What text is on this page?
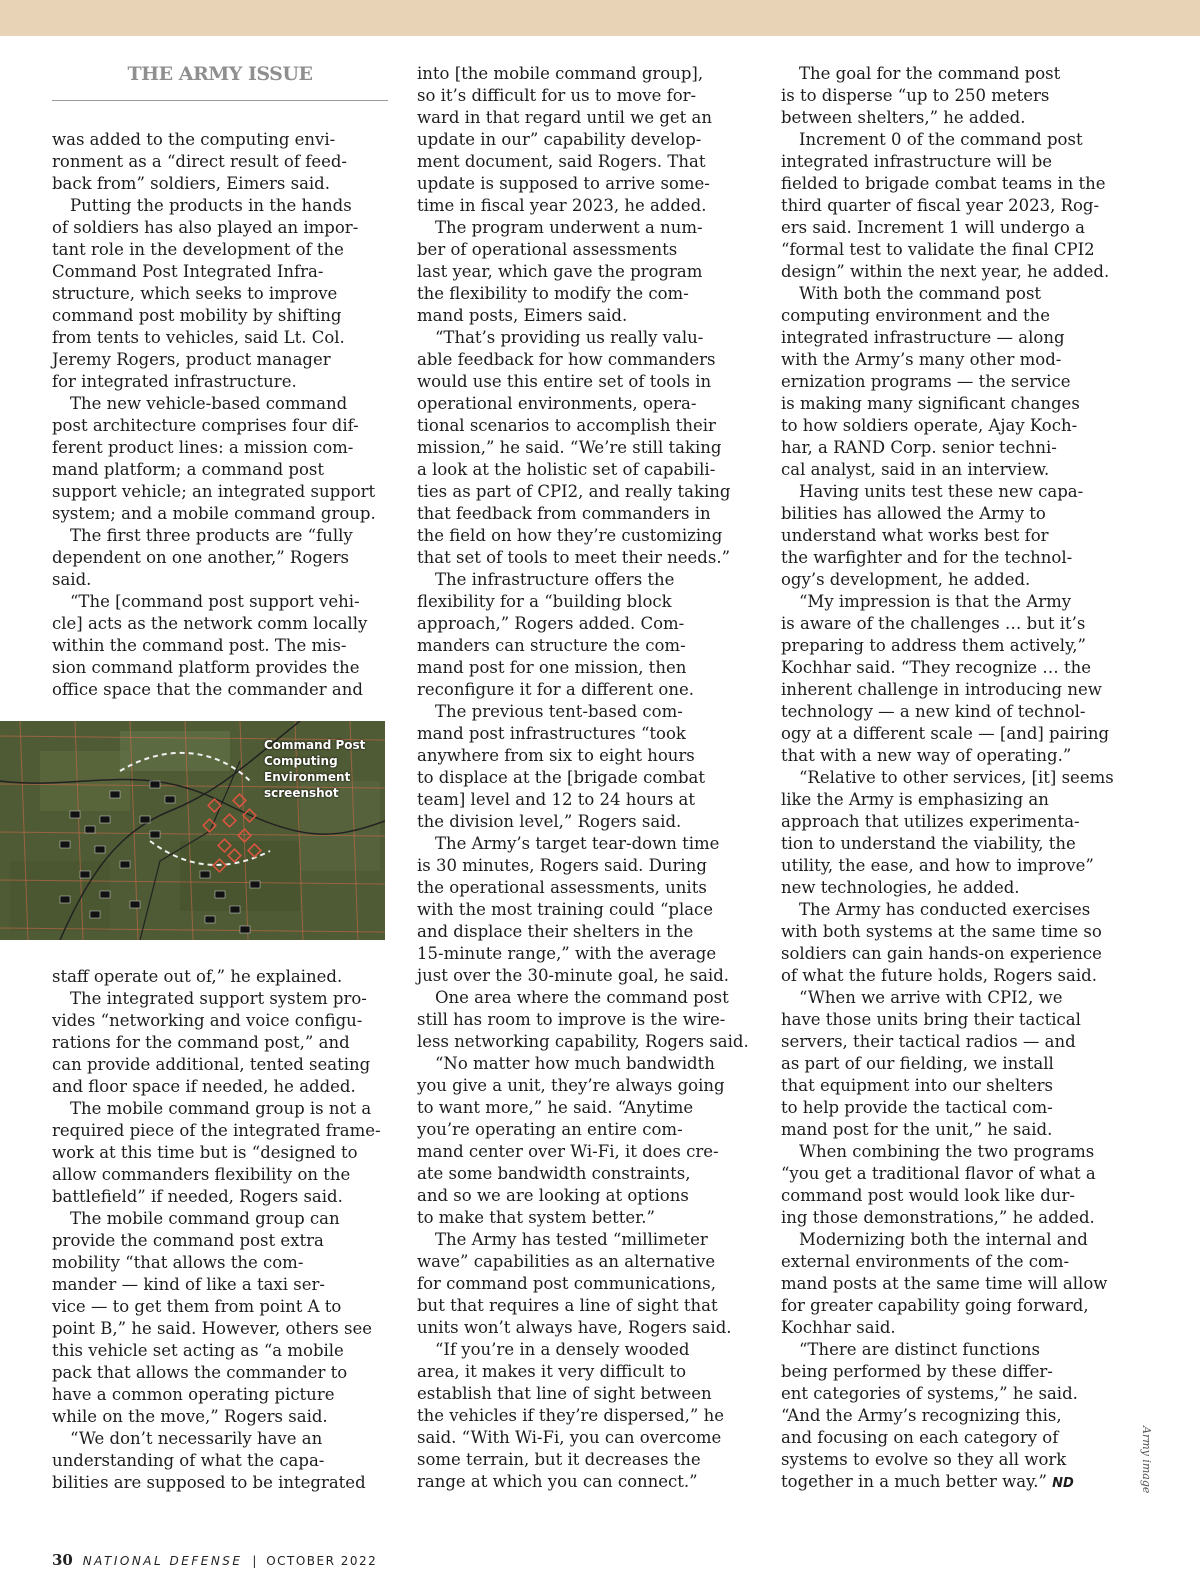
THE ARMY ISSUE

was added to the computing envi-
ronment as a “direct result of feed-
back from” soldiers, Eimers said.

Putting the products in the hands
of soldiers has also played an impor-
tant role in the development of the
Command Post Integrated Infra-
structure, which seeks to improve
command post mobility by shifting
from tents to vehicles, said Lt. Col.
Jeremy Rogers, product manager
for integrated infrastructure.

The new vehicle-based command
post architecture comprises four dif-
ferent product lines: a mission com-
mand platform; a command post
support vehicle; an integrated support
system; and a mobile command group.

The first three products are “fully
dependent on one another,” Rogers
said.

“The [command post support vehi-
cle] acts as the network comm locally
within the command post. The mis-
sion command platform provides the
office space that the commander and

Command Post
Computing
Environment
screenshot

staff operate out of,” he explained.

The integrated support system pro-
vides “networking and voice configu-
rations for the command post,” and
can provide additional, tented seating
and floor space if needed, he added.

The mobile command group is not a
required piece of the integrated frame-
work at this time but is “designed to
allow commanders flexibility on the
battlefield” if needed, Rogers said.

The mobile command group can
provide the command post extra
mobility “that allows the com-
mander — kind of like a taxi ser-
vice — to get them from point A to
point B,” he said. However, others see
this vehicle set acting as “a mobile
pack that allows the commander to
have a common operating picture
while on the move,” Rogers said.

“We don’t necessarily have an
understanding of what the capa-
bilities are supposed to be integrated

into [the mobile command group],
so it’s difficult for us to move for-
ward in that regard until we get an
update in our” capability develop-
ment document, said Rogers. That
update is supposed to arrive some-
time in fiscal year 2023, he added.

The program underwent a num-
ber of operational assessments
last year, which gave the program
the flexibility to modify the com-
mand posts, Eimers said.

“That’s providing us really valu-
able feedback for how commanders
would use this entire set of tools in
operational environments, opera-
tional scenarios to accomplish their
mission,” he said. “We’re still taking
a look at the holistic set of capabili-
ties as part of CPI2, and really taking
that feedback from commanders in
the field on how they’re customizing
that set of tools to meet their needs.”

The infrastructure offers the
flexibility for a “building block
approach,” Rogers added. Com-
manders can structure the com-
mand post for one mission, then
reconfigure it for a different one.

The previous tent-based com-
mand post infrastructures “took
anywhere from six to eight hours
to displace at the [brigade combat
team] level and 12 to 24 hours at
the division level,” Rogers said.

The Army’s target tear-down time
is 30 minutes, Rogers said. During
the operational assessments, units
with the most training could “place
and displace their shelters in the
15-minute range,” with the average
just over the 30-minute goal, he said.

One area where the command post
still has room to improve is the wire-
less networking capability, Rogers said.

“No matter how much bandwidth
you give a unit, they’re always going
to want more,” he said. “Anytime
you’re operating an entire com-
mand center over Wi-Fi, it does cre-
ate some bandwidth constraints,
and so we are looking at options
to make that system better.”

The Army has tested “millimeter
wave” capabilities as an alternative
for command post communications,
but that requires a line of sight that
units won’t always have, Rogers said.

“If you’re in a densely wooded
area, it makes it very difficult to
establish that line of sight between
the vehicles if they’re dispersed,” he
said. “With Wi-Fi, you can overcome
some terrain, but it decreases the
range at which you can connect.”

The goal for the command post
is to disperse “up to 250 meters
between shelters,” he added.

Increment 0 of the command post
integrated infrastructure will be
fielded to brigade combat teams in the
third quarter of fiscal year 2023, Rog-
ers said. Increment 1 will undergo a
“formal test to validate the final CPI2
design” within the next year, he added.

With both the command post
computing environment and the
integrated infrastructure — along
with the Army’s many other mod-
ernization programs — the service
is making many significant changes
to how soldiers operate, Ajay Koch-
har, a RAND Corp. senior techni-
cal analyst, said in an interview.

Having units test these new capa-
bilities has allowed the Army to
understand what works best for
the warfighter and for the technol-
ogy’s development, he added.

“My impression is that the Army
is aware of the challenges … but it’s
preparing to address them actively,”
Kochhar said. “They recognize … the
inherent challenge in introducing new
technology — a new kind of technol-
ogy at a different scale — [and] pairing
that with a new way of operating.”

“Relative to other services, [it] seems
like the Army is emphasizing an
approach that utilizes experimenta-
tion to understand the viability, the
utility, the ease, and how to improve”
new technologies, he added.

The Army has conducted exercises
with both systems at the same time so
soldiers can gain hands-on experience
of what the future holds, Rogers said.

“When we arrive with CPI2, we
have those units bring their tactical
servers, their tactical radios — and
as part of our fielding, we install
that equipment into our shelters
to help provide the tactical com-
mand post for the unit,” he said.

When combining the two programs
“you get a traditional flavor of what a
command post would look like dur-
ing those demonstrations,” he added.

Modernizing both the internal and
external environments of the com-
mand posts at the same time will allow
for greater capability going forward,
Kochhar said.

“There are distinct functions
being performed by these differ-
ent categories of systems,” he said.
“And the Army’s recognizing this,
and focusing on each category of
systems to evolve so they all work
together in a much better way.” ND	Army image
30 NATIONAL DEFENSE | OCTOBER 2022
